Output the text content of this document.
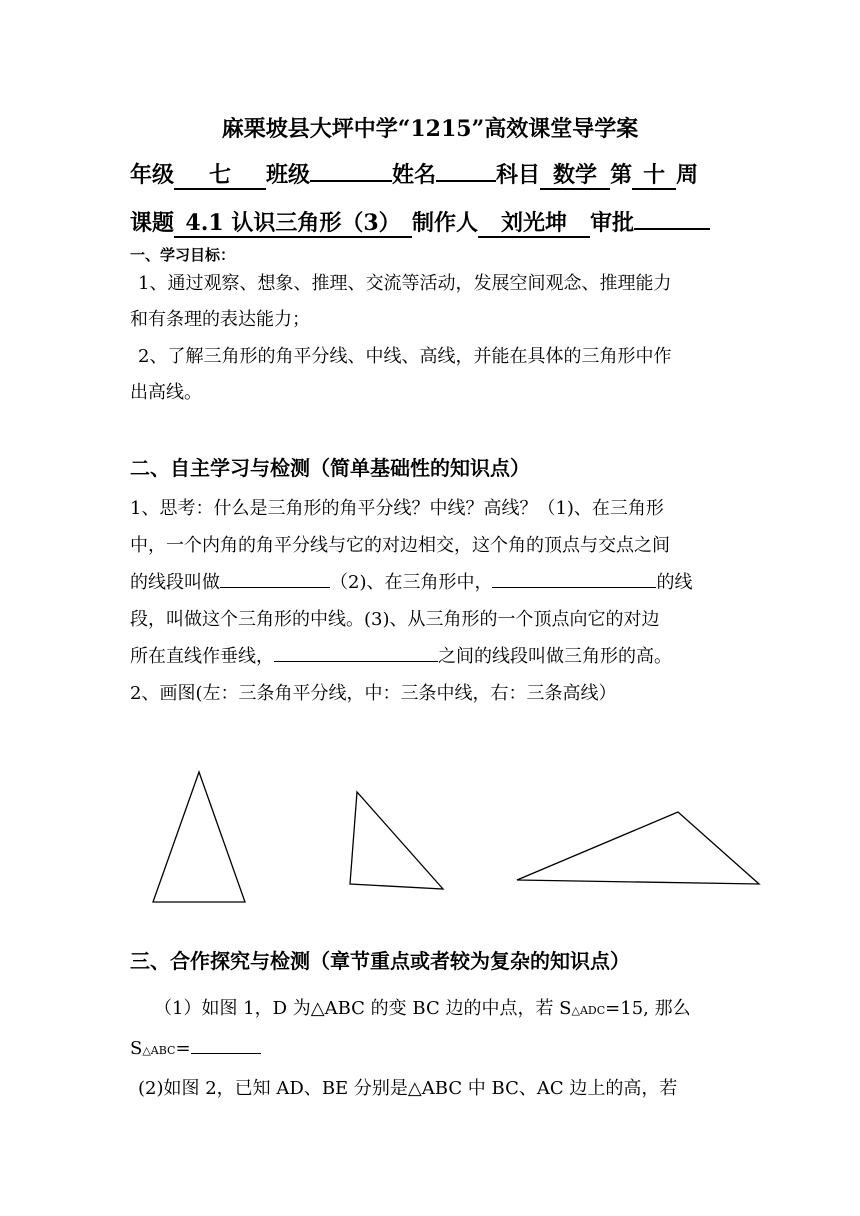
麻栗坡县大坪中学“1215”高效课堂导学案
年级 七 班级	姓名	科目 数学 第 十 周
课题 4.1 认识三角形（3） 制作人 刘光坤 审批
一、学习目标：
1、通过观察、想象、推理、交流等活动，发展空间观念、推理能力
和有条理的表达能力；
2、了解三角形的角平分线、中线、高线，并能在具体的三角形中作
出高线。
二、自主学习与检测（简单基础性的知识点）
1、思考：什么是三角形的角平分线？中线？高线？（1)、在三角形
中，一个内角的角平分线与它的对边相交，这个角的顶点与交点之间
的线段叫做	（2)、在三角形中，	的线
段，叫做这个三角形的中线。(3)、从三角形的一个顶点向它的对边
所在直线作垂线，	之间的线段叫做三角形的高。
2、画图(左：三条角平分线，中：三条中线，右：三条高线）
三、合作探究与检测（章节重点或者较为复杂的知识点）
（1）如图 1，D 为△ABC 的变 BC 边的中点，若 S△ADC=15, 那么
S△ABC=
(2)如图 2，已知 AD、BE 分别是△ABC 中 BC、AC 边上的高，若
